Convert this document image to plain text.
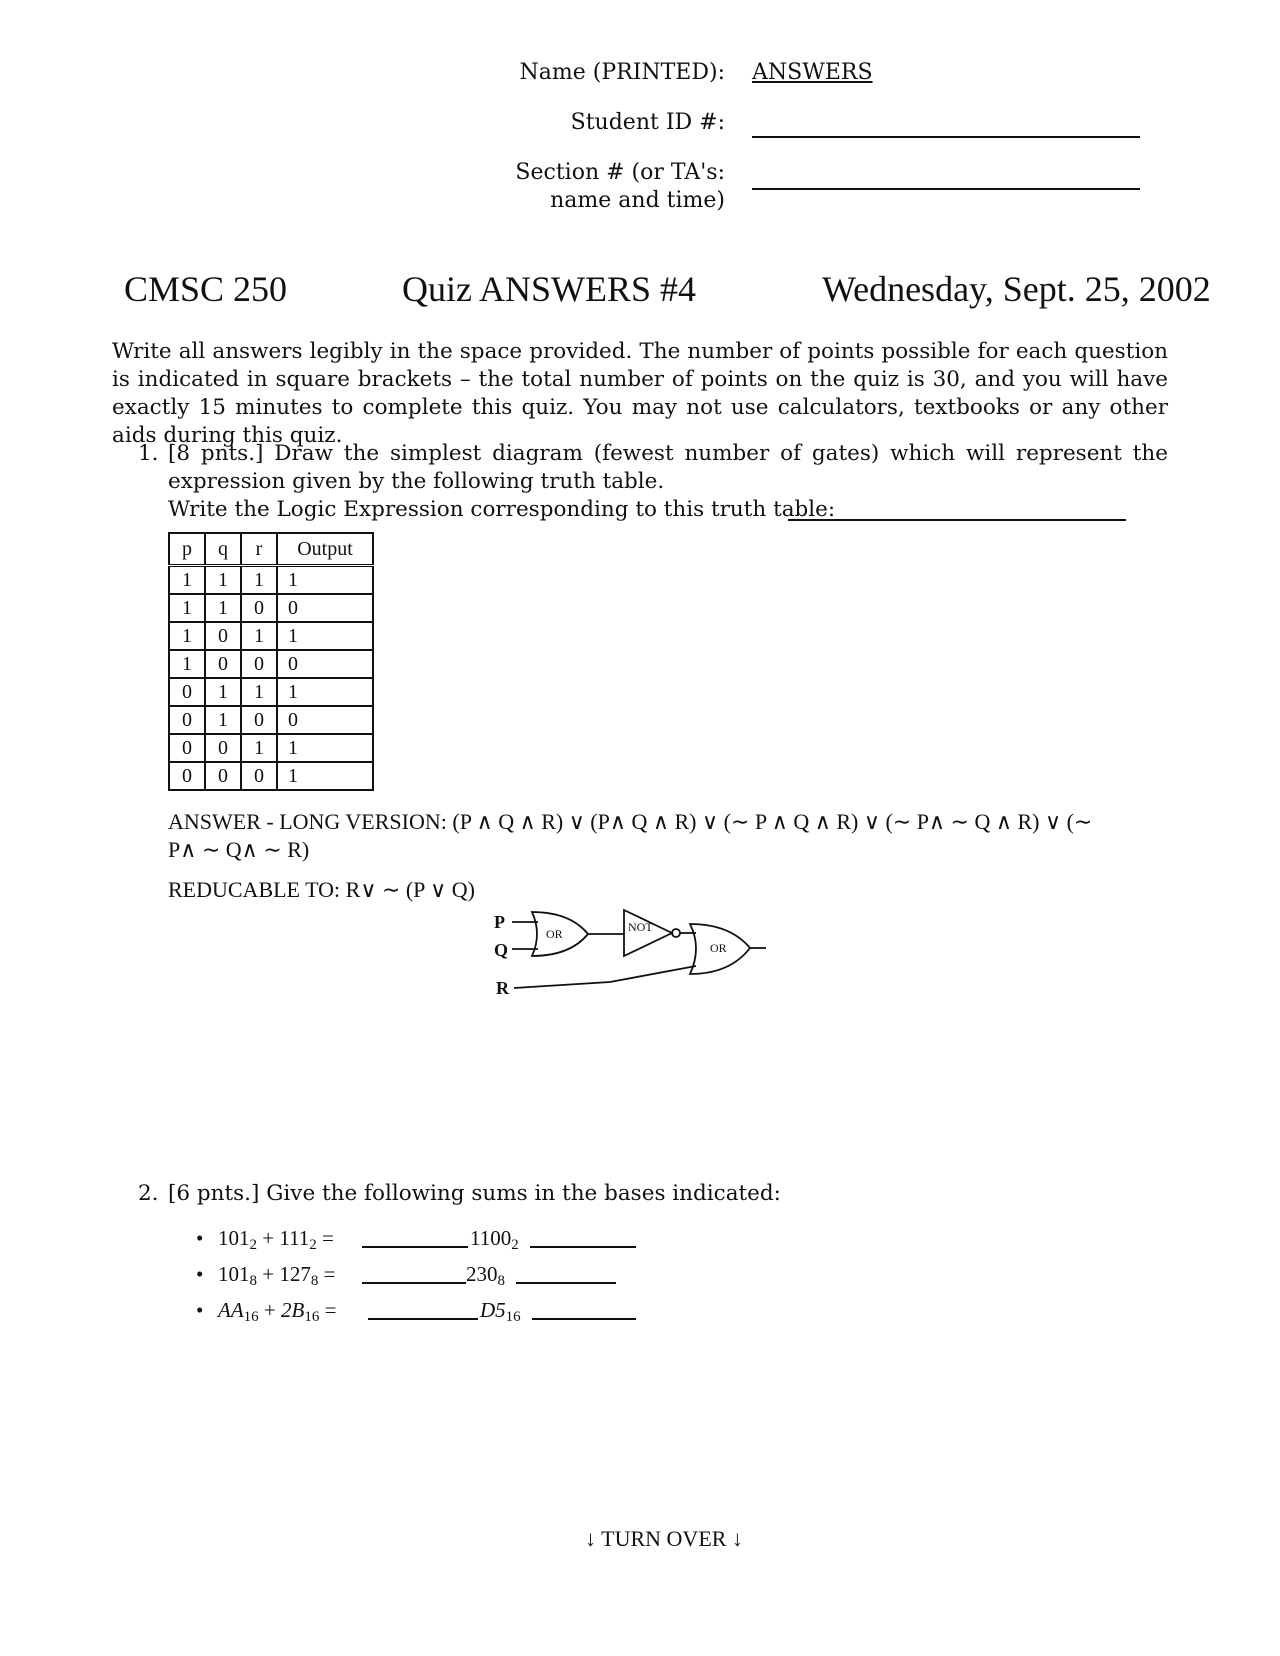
Name (PRINTED): ANSWERS
Student ID #:
Section # (or TA's:
name and time)
CMSC 250	Quiz ANSWERS #4	Wednesday, Sept. 25, 2002
Write all answers legibly in the space provided. The number of points possible for each question is indicated in square brackets – the total number of points on the quiz is 30, and you will have exactly 15 minutes to complete this quiz. You may not use calculators, textbooks or any other aids during this quiz.
1. [8 pnts.] Draw the simplest diagram (fewest number of gates) which will represent the expression given by the following truth table.
Write the Logic Expression corresponding to this truth table:
p	q	r	Output
1	1	1	1
1	1	0	0
1	0	1	1
1	0	0	0
0	1	1	1
0	1	0	0
0	0	1	1
0	0	0	1
ANSWER - LONG VERSION: (P ∧ Q ∧ R) ∨ (P∧ Q ∧ R) ∨ (∼ P ∧ Q ∧ R) ∨ (∼ P∧ ∼ Q ∧ R) ∨ (∼
P∧ ∼ Q∧ ∼ R)
REDUCABLE TO: R∨ ∼ (P ∨ Q)
P
Q
R
OR	NOT
OR
2. [6 pnts.] Give the following sums in the bases indicated:
• $101_2 + 111_2$ =	$1100_2$
• $101_8 + 127_8$ =	$230_8$
• $AA_{16} + 2B_{16}$ =	$D5_{16}$
↓ TURN OVER ↓
